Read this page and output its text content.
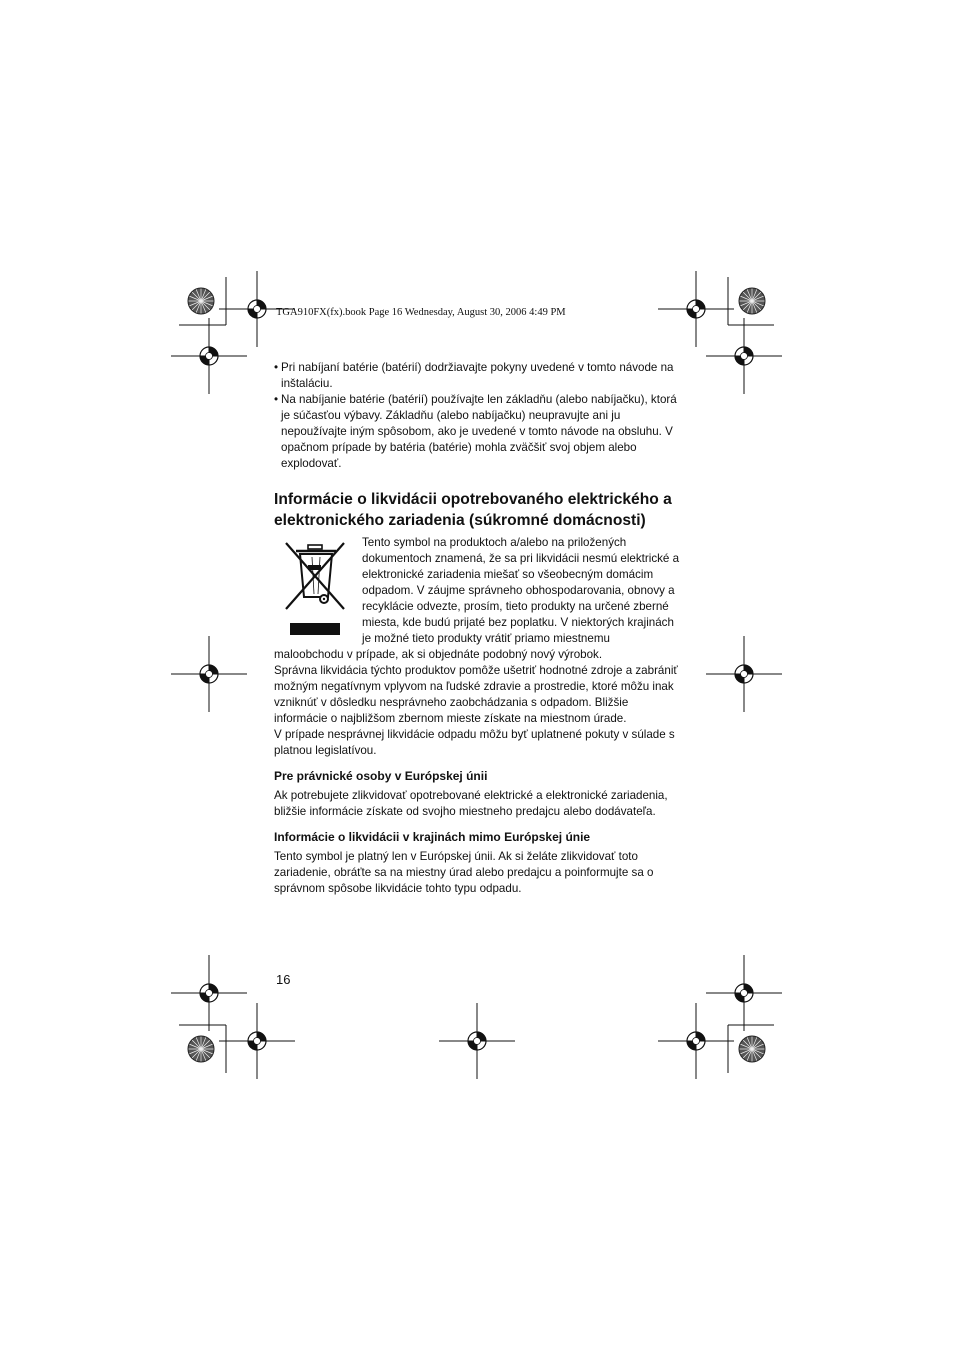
TGA910FX(fx).book Page 16 Wednesday, August 30, 2006 4:49 PM
• Pri nabíjaní batérie (batérií) dodržiavajte pokyny uvedené v tomto návode na inštaláciu.
• Na nabíjanie batérie (batérií) používajte len základňu (alebo nabíjačku), ktorá je súčasťou výbavy. Základňu (alebo nabíjačku) neupravujte ani ju nepoužívajte iným spôsobom, ako je uvedené v tomto návode na obsluhu. V opačnom prípade by batéria (batérie) mohla zväčšiť svoj objem alebo explodovať.
Informácie o likvidácii opotrebovaného elektrického a elektronického zariadenia (súkromné domácnosti)

Tento symbol na produktoch a/alebo na priložených dokumentoch znamená, že sa pri likvidácii nesmú elektrické a elektronické zariadenia miešať so všeobecným domácim odpadom. V záujme správneho obhospodarovania, obnovy a recyklácie odvezte, prosím, tieto produkty na určené zberné miesta, kde budú prijaté bez poplatku. V niektorých krajinách je možné tieto produkty vrátiť priamo miestnemu maloobchodu v prípade, ak si objednáte podobný nový výrobok.

Správna likvidácia týchto produktov pomôže ušetriť hodnotné zdroje a zabrániť možným negatívnym vplyvom na ľudské zdravie a prostredie, ktoré môžu inak vzniknúť v dôsledku nesprávneho zaobchádzania s odpadom. Bližšie informácie o najbližšom zbernom mieste získate na miestnom úrade.

V prípade nesprávnej likvidácie odpadu môžu byť uplatnené pokuty v súlade s platnou legislatívou.

Pre právnické osoby v Európskej únii

Ak potrebujete zlikvidovať opotrebované elektrické a elektronické zariadenia, bližšie informácie získate od svojho miestneho predajcu alebo dodávateľa.

Informácie o likvidácii v krajinách mimo Európskej únie

Tento symbol je platný len v Európskej únii. Ak si želáte zlikvidovať toto zariadenie, obráťte sa na miestny úrad alebo predajcu a poinformujte sa o správnom spôsobe likvidácie tohto typu odpadu.

16
